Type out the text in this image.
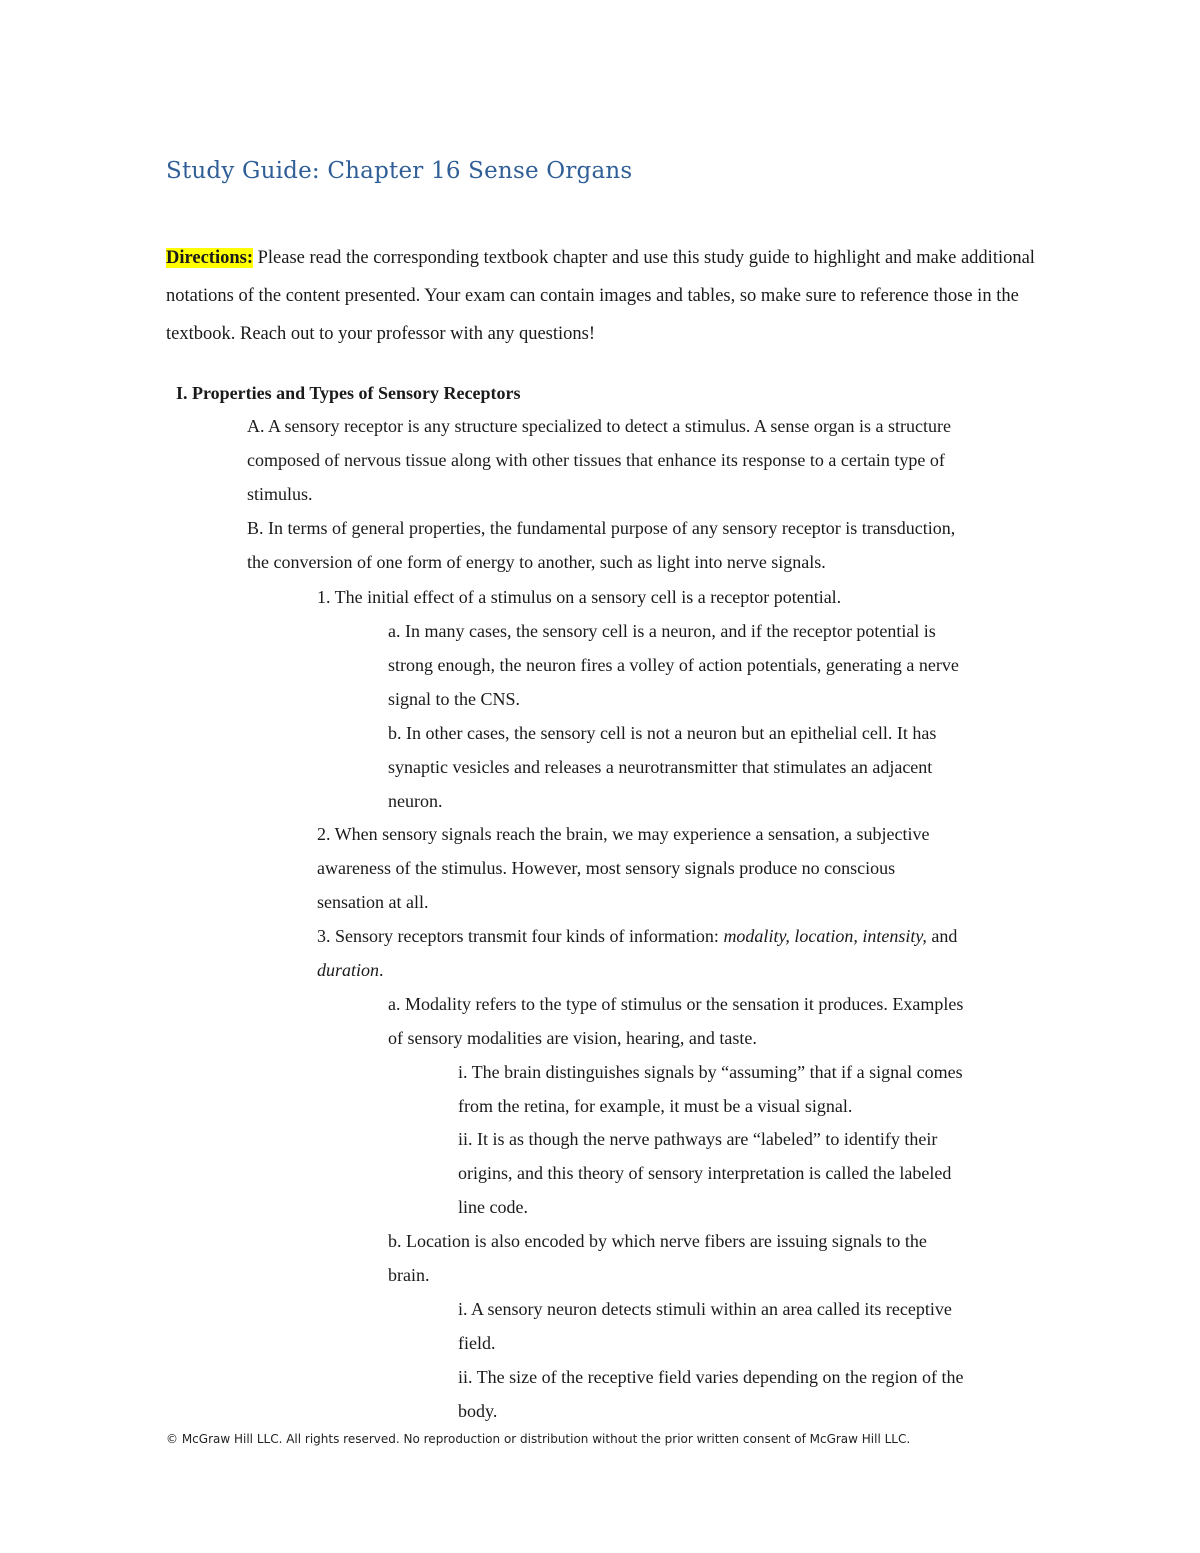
Study Guide: Chapter 16 Sense Organs
Directions: Please read the corresponding textbook chapter and use this study guide to highlight and make additional notations of the content presented. Your exam can contain images and tables, so make sure to reference those in the textbook. Reach out to your professor with any questions!
I. Properties and Types of Sensory Receptors
A. A sensory receptor is any structure specialized to detect a stimulus. A sense organ is a structure
composed of nervous tissue along with other tissues that enhance its response to a certain type of
stimulus.
B. In terms of general properties, the fundamental purpose of any sensory receptor is transduction,
the conversion of one form of energy to another, such as light into nerve signals.
1. The initial effect of a stimulus on a sensory cell is a receptor potential.
a. In many cases, the sensory cell is a neuron, and if the receptor potential is
strong enough, the neuron fires a volley of action potentials, generating a nerve
signal to the CNS.
b. In other cases, the sensory cell is not a neuron but an epithelial cell. It has
synaptic vesicles and releases a neurotransmitter that stimulates an adjacent
neuron.
2. When sensory signals reach the brain, we may experience a sensation, a subjective
awareness of the stimulus. However, most sensory signals produce no conscious
sensation at all.
3. Sensory receptors transmit four kinds of information: modality, location, intensity, and
duration.
a. Modality refers to the type of stimulus or the sensation it produces. Examples
of sensory modalities are vision, hearing, and taste.
i. The brain distinguishes signals by “assuming” that if a signal comes
from the retina, for example, it must be a visual signal.
ii. It is as though the nerve pathways are “labeled” to identify their
origins, and this theory of sensory interpretation is called the labeled
line code.
b. Location is also encoded by which nerve fibers are issuing signals to the
brain.
i. A sensory neuron detects stimuli within an area called its receptive
field.
ii. The size of the receptive field varies depending on the region of the
body.
© McGraw Hill LLC. All rights reserved. No reproduction or distribution without the prior written consent of McGraw Hill LLC.
